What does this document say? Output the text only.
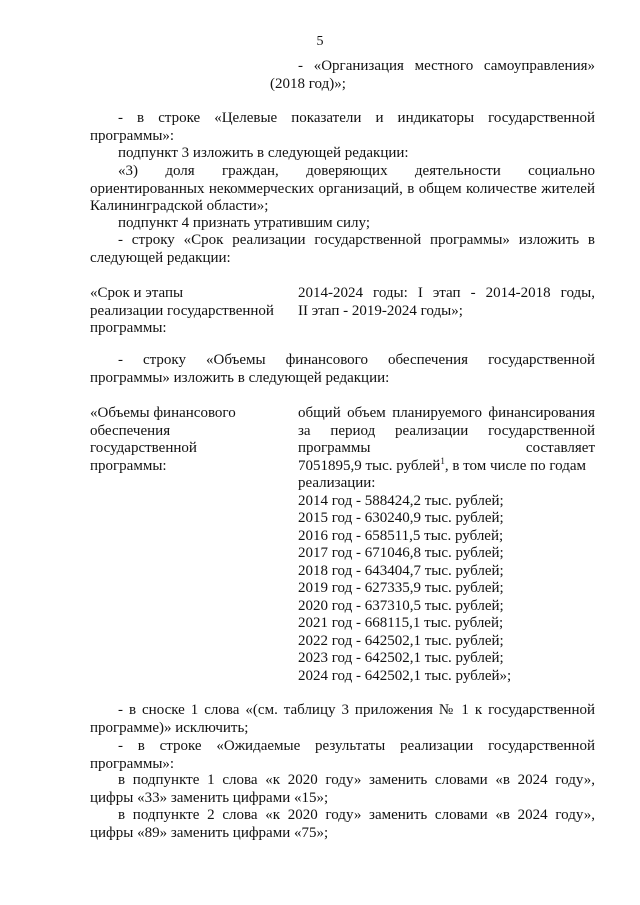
5
- «Организация местного самоуправления» (2018 год)»;
- в строке «Целевые показатели и индикаторы государственной программы»:
подпункт 3 изложить в следующей редакции:
«3) доля граждан, доверяющих деятельности социально ориентированных некоммерческих организаций, в общем количестве жителей Калининградской области»;
подпункт 4 признать утратившим силу;
- строку «Срок реализации государственной программы» изложить в следующей редакции:
«Срок и этапы
реализации государственной
программы:
2014-2024 годы: I этап - 2014-2018 годы,
II этап - 2019-2024 годы»;
- строку «Объемы финансового обеспечения государственной программы» изложить в следующей редакции:
«Объемы финансового
обеспечения
государственной
программы:
общий объем планируемого финансирования
за период реализации государственной
программы составляет
7051895,9 тыс. рублей$^1$, в том числе по годам
реализации:
2014 год - 588424,2 тыс. рублей;
2015 год - 630240,9 тыс. рублей;
2016 год - 658511,5 тыс. рублей;
2017 год - 671046,8 тыс. рублей;
2018 год - 643404,7 тыс. рублей;
2019 год - 627335,9 тыс. рублей;
2020 год - 637310,5 тыс. рублей;
2021 год - 668115,1 тыс. рублей;
2022 год - 642502,1 тыс. рублей;
2023 год - 642502,1 тыс. рублей;
2024 год - 642502,1 тыс. рублей»;
- в сноске 1 слова «(см. таблицу 3 приложения № 1 к государственной программе)» исключить;
- в строке «Ожидаемые результаты реализации государственной программы»:
в подпункте 1 слова «к 2020 году» заменить словами «в 2024 году», цифры «33» заменить цифрами «15»;
в подпункте 2 слова «к 2020 году» заменить словами «в 2024 году», цифры «89» заменить цифрами «75»;
